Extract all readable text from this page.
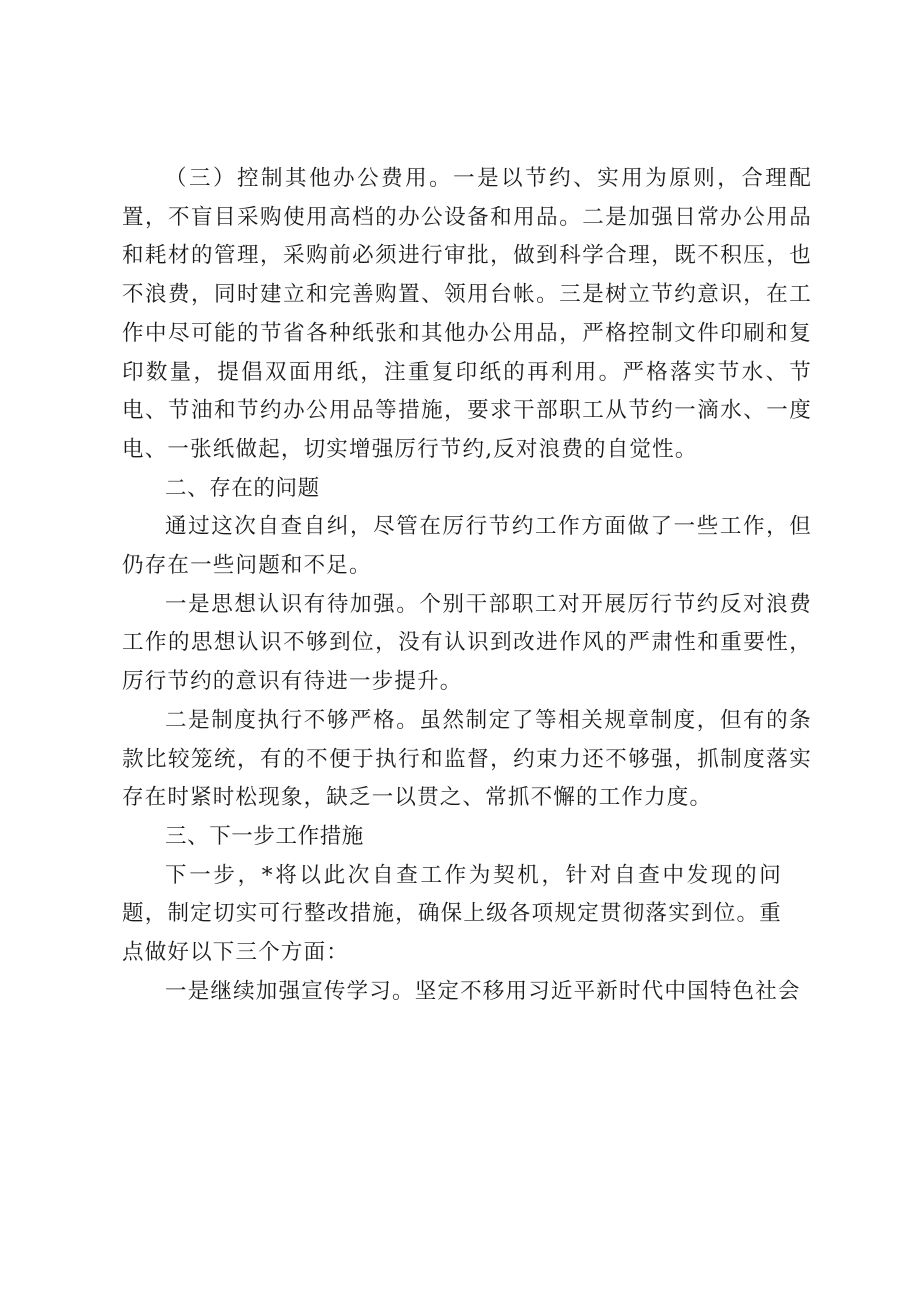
（三）控制其他办公费用。一是以节约、实用为原则，合理配置，不盲目采购使用高档的办公设备和用品。二是加强日常办公用品和耗材的管理，采购前必须进行审批，做到科学合理，既不积压，也不浪费，同时建立和完善购置、领用台帐。三是树立节约意识，在工作中尽可能的节省各种纸张和其他办公用品，严格控制文件印刷和复印数量，提倡双面用纸，注重复印纸的再利用。严格落实节水、节电、节油和节约办公用品等措施，要求干部职工从节约一滴水、一度电、一张纸做起，切实增强厉行节约,反对浪费的自觉性。

二、存在的问题

通过这次自查自纠，尽管在厉行节约工作方面做了一些工作，但仍存在一些问题和不足。

一是思想认识有待加强。个别干部职工对开展厉行节约反对浪费工作的思想认识不够到位，没有认识到改进作风的严肃性和重要性，厉行节约的意识有待进一步提升。

二是制度执行不够严格。虽然制定了等相关规章制度，但有的条款比较笼统，有的不便于执行和监督，约束力还不够强，抓制度落实存在时紧时松现象，缺乏一以贯之、常抓不懈的工作力度。

三、下一步工作措施

下一步，*将以此次自查工作为契机，针对自查中发现的问题，制定切实可行整改措施，确保上级各项规定贯彻落实到位。重点做好以下三个方面：

一是继续加强宣传学习。坚定不移用习近平新时代中国特色社会
